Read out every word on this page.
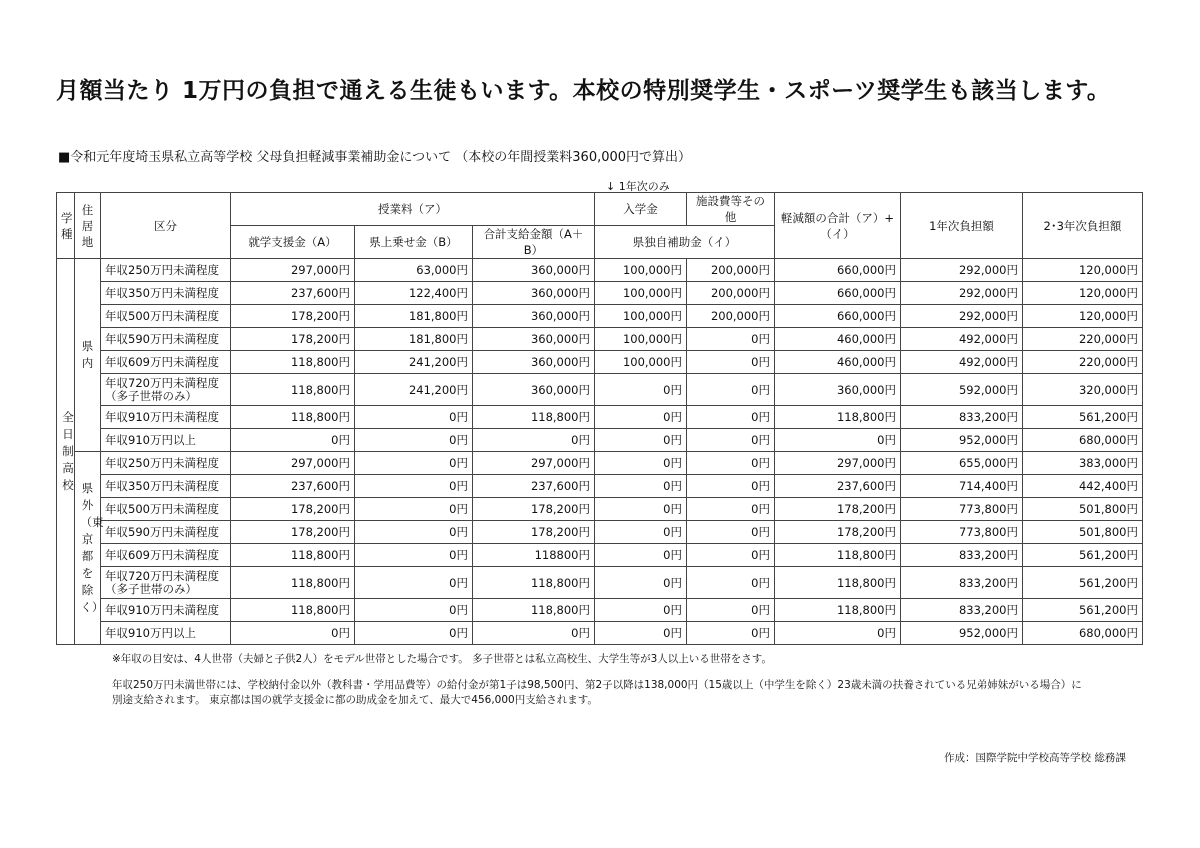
月額当たり 1万円の負担で通える生徒もいます。本校の特別奨学生・スポーツ奨学生も該当します。
■令和元年度埼玉県私立高等学校 父母負担軽減事業補助金について （本校の年間授業料360,000円で算出）
↓ 1年次のみ
学種	住居地	区分	授業料（ア）			入学金	施設費等その他	軽減額の合計（ア）+（イ）	1年次負担額	2･3年次負担額
			就学支援金（A）	県上乗せ金（B）	合計支給金額（A＋B）	県独自補助金（イ）				
全日制高校	県内	年収250万円未満程度	297,000円	63,000円	360,000円	100,000円	200,000円	660,000円	292,000円	120,000円

		年収350万円未満程度	237,600円	122,400円	360,000円	100,000円	200,000円	660,000円	292,000円	120,000円

		年収500万円未満程度	178,200円	181,800円	360,000円	100,000円	200,000円	660,000円	292,000円	120,000円

		年収590万円未満程度	178,200円	181,800円	360,000円	100,000円	0円	460,000円	492,000円	220,000円

		年収609万円未満程度	118,800円	241,200円	360,000円	100,000円	0円	460,000円	492,000円	220,000円

		年収720万円未満程度
（多子世帯のみ）	118,800円	241,200円	360,000円	0円	0円	360,000円	592,000円	320,000円

		年収910万円未満程度	118,800円	0円	118,800円	0円	0円	118,800円	833,200円	561,200円

		年収910万円以上	0円	0円	0円	0円	0円	0円	952,000円	680,000円
	県外（東京都を除く）	年収250万円未満程度	297,000円	0円	297,000円	0円	0円	297,000円	655,000円	383,000円

		年収350万円未満程度	237,600円	0円	237,600円	0円	0円	237,600円	714,400円	442,400円

		年収500万円未満程度	178,200円	0円	178,200円	0円	0円	178,200円	773,800円	501,800円

		年収590万円未満程度	178,200円	0円	178,200円	0円	0円	178,200円	773,800円	501,800円

		年収609万円未満程度	118,800円	0円	118800円	0円	0円	118,800円	833,200円	561,200円

		年収720万円未満程度
（多子世帯のみ）	118,800円	0円	118,800円	0円	0円	118,800円	833,200円	561,200円

		年収910万円未満程度	118,800円	0円	118,800円	0円	0円	118,800円	833,200円	561,200円

		年収910万円以上	0円	0円	0円	0円	0円	0円	952,000円	680,000円

※年収の目安は、4人世帯（夫婦と子供2人）をモデル世帯とした場合です。 多子世帯とは私立高校生、大学生等が3人以上いる世帯をさす。

年収250万円未満世帯には、学校納付金以外（教科書・学用品費等）の給付金が第1子は98,500円、第2子以降は138,000円（15歳以上（中学生を除く）23歳未満の扶養されている兄弟姉妹がいる場合）に

別途支給されます。 東京都は国の就学支援金に都の助成金を加えて、最大で456,000円支給されます。

作成：国際学院中学校高等学校 総務課
